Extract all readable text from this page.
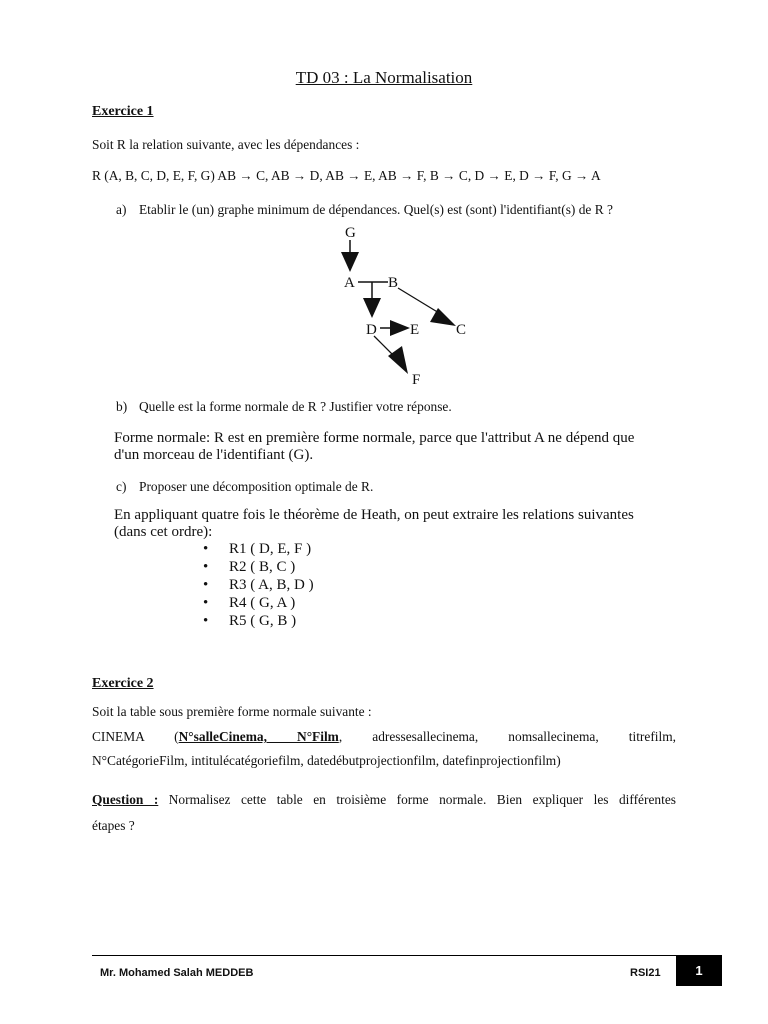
TD 03 : La Normalisation
Exercice 1
Soit R la relation suivante, avec les dépendances :
R (A, B, C, D, E, F, G) AB → C, AB → D, AB → E, AB → F, B → C, D → E, D → F, G → A
a) Etablir le (un) graphe minimum de dépendances. Quel(s) est (sont) l'identifiant(s) de R ?
G
A B
C
D E
F
b) Quelle est la forme normale de R ? Justifier votre réponse.
Forme normale: R est en première forme normale, parce que l'attribut A ne dépend que
d'un morceau de l'identifiant (G).
c) Proposer une décomposition optimale de R.
En appliquant quatre fois le théorème de Heath, on peut extraire les relations suivantes
(dans cet ordre):
• R1 ( D, E, F )
• R2 ( B, C )
• R3 ( A, B, D )
• R4 ( G, A )
• R5 ( G, B )
Exercice 2
Soit la table sous première forme normale suivante :
CINEMA (N°salleCinema, N°Film, adressesallecinema, nomsallecinema, titrefilm,
N°CatégorieFilm, intitulécatégoriefilm, datedébutprojectionfilm, datefinprojectionfilm)
Question : Normalisez cette table en troisième forme normale. Bien expliquer les différentes
étapes ?
Mr. Mohamed Salah MEDDEB	RSI21	1
